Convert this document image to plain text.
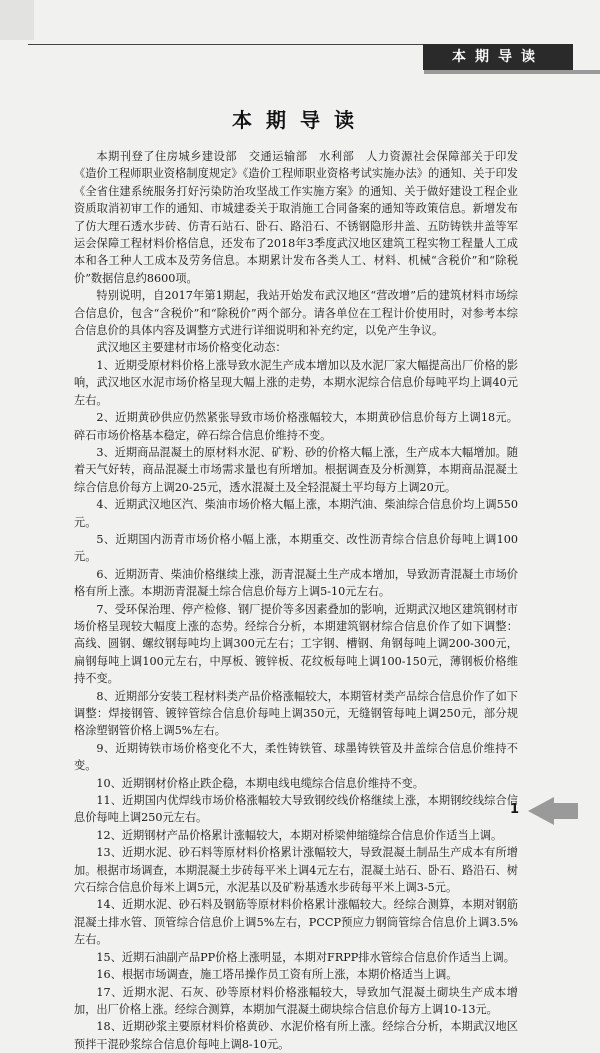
本期导读
本期导读

本期刊登了住房城乡建设部　交通运输部　水利部　人力资源社会保障部关于印发《造价工程师职业资格制度规定》《造价工程师职业资格考试实施办法》的通知、关于印发《全省住建系统服务打好污染防治攻坚战工作实施方案》的通知、关于做好建设工程企业资质取消初审工作的通知、市城建委关于取消施工合同备案的通知等政策信息。新增发布了仿大理石透水步砖、仿青石站石、卧石、路沿石、不锈钢隐形井盖、五防铸铁井盖等军运会保障工程材料价格信息，还发布了2018年3季度武汉地区建筑工程实物工程量人工成本和各工种人工成本及劳务信息。本期累计发布各类人工、材料、机械“含税价”和“除税价”数据信息约8600项。

特别说明，自2017年第1期起，我站开始发布武汉地区“营改增”后的建筑材料市场综合信息价，包含“含税价”和“除税价”两个部分。请各单位在工程计价使用时，对参考本综合信息价的具体内容及调整方式进行详细说明和补充约定，以免产生争议。

武汉地区主要建材市场价格变化动态：

1、近期受原材料价格上涨导致水泥生产成本增加以及水泥厂家大幅提高出厂价格的影响，武汉地区水泥市场价格呈现大幅上涨的走势，本期水泥综合信息价每吨平均上调40元左右。

2、近期黄砂供应仍然紧张导致市场价格涨幅较大，本期黄砂信息价每方上调18元。碎石市场价格基本稳定，碎石综合信息价维持不变。

3、近期商品混凝土的原材料水泥、矿粉、砂的价格大幅上涨，生产成本大幅增加。随着天气好转，商品混凝土市场需求量也有所增加。根据调查及分析测算，本期商品混凝土综合信息价每方上调20-25元，透水混凝土及全轻混凝土平均每方上调20元。

4、近期武汉地区汽、柴油市场价格大幅上涨，本期汽油、柴油综合信息价均上调550元。

5、近期国内沥青市场价格小幅上涨，本期重交、改性沥青综合信息价每吨上调100元。

6、近期沥青、柴油价格继续上涨，沥青混凝土生产成本增加，导致沥青混凝土市场价格有所上涨。本期沥青混凝土综合信息价每方上调5-10元左右。

7、受环保治理、停产检修、钢厂提价等多因素叠加的影响，近期武汉地区建筑钢材市场价格呈现较大幅度上涨的态势。经综合分析，本期建筑钢材综合信息价作了如下调整：高线、圆钢、螺纹钢每吨均上调300元左右；工字钢、槽钢、角钢每吨上调200-300元，扁钢每吨上调100元左右，中厚板、镀锌板、花纹板每吨上调100-150元，薄钢板价格维持不变。

8、近期部分安装工程材料类产品价格涨幅较大，本期管材类产品综合信息价作了如下调整：焊接钢管、镀锌管综合信息价每吨上调350元，无缝钢管每吨上调250元，部分规格涂塑钢管价格上调5%左右。

9、近期铸铁市场价格变化不大，柔性铸铁管、球墨铸铁管及井盖综合信息价维持不变。

10、近期钢材价格止跌企稳，本期电线电缆综合信息价维持不变。

11、近期国内优焊线市场价格涨幅较大导致钢绞线价格继续上涨，本期钢绞线综合信息价每吨上调250元左右。

12、近期钢材产品价格累计涨幅较大，本期对桥梁伸缩缝综合信息价作适当上调。

13、近期水泥、砂石料等原材料价格累计涨幅较大，导致混凝土制品生产成本有所增加。根据市场调查，本期混凝土步砖每平米上调4元左右，混凝土站石、卧石、路沿石、树穴石综合信息价每米上调5元，水泥基以及矿粉基透水步砖每平米上调3-5元。

14、近期水泥、砂石料及钢筋等原材料价格累计涨幅较大。经综合测算，本期对钢筋混凝土排水管、顶管综合信息价上调5%左右，PCCP预应力钢筒管综合信息价上调3.5%左右。

15、近期石油副产品PP价格上涨明显，本期对FRPP排水管综合信息价作适当上调。

16、根据市场调查，施工塔吊操作员工资有所上涨，本期价格适当上调。

17、近期水泥、石灰、砂等原材料价格涨幅较大，导致加气混凝土砌块生产成本增加，出厂价格上涨。经综合测算，本期加气混凝土砌块综合信息价每方上调10-13元。

18、近期砂浆主要原材料价格黄砂、水泥价格有所上涨。经综合分析，本期武汉地区预拌干混砂浆综合信息价每吨上调8-10元。

1
